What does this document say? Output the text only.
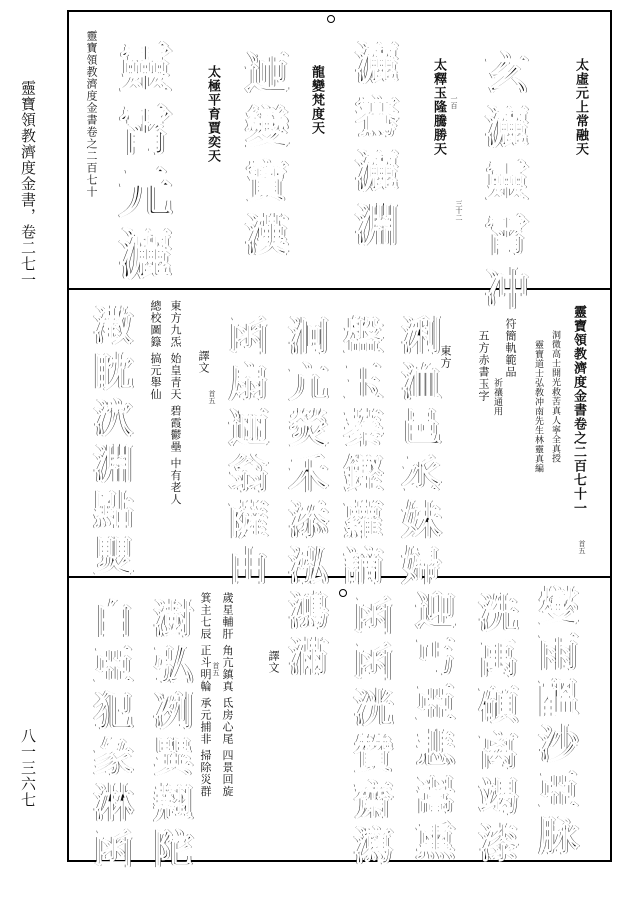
靈寶領教濟度金書，卷二七一
八一三六七
太虛元上常融天
太釋玉隆騰勝天
龍變梵度天
太極平育賈奕天
靈寶領教濟度金書卷之二百七十
三十二
一百 玄灑靈霄冲
灑鶱灑淵
迊變寶漢
靈霄元灑
靈寶領教濟度金書卷之二百七十一
首五
洞微高士開光救苦真人寧全真授
靈寶道士弘敎冲南先生林靈真編
符簡軌範品
祈禳通用
五方赤書玉字
東方
譯文
東方九炁 始皇青天 碧霞鬱壘 中有老人
總校圖籙 搞元舉仙	首五	浰洫邑丞妹婦
盤玉蓁鏗蘿謫
泂亢熒禾添泓
函扇逦翁薩由
澂眈泬淵點煛
譯文
歲星輔肝 角亢鎮真 氐房心尾 四景回旋
箕主七辰 正斗明輪 承元捕非 掃除災群 首五	燮雨醞沙亞脉
洗禹碩离竭漆
迎丐亞悲翯熏
函函洸贊齋瀉
鴻滿
澍弘冽巽翹陀
白亞犯彖淋函
